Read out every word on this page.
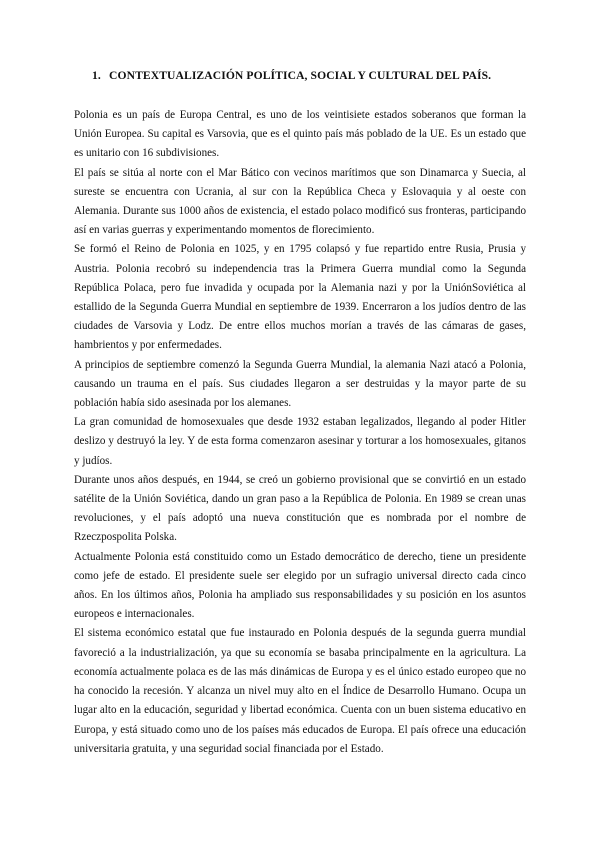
1. CONTEXTUALIZACIÓN POLÍTICA, SOCIAL Y CULTURAL DEL PAÍS.

Polonia es un país de Europa Central, es uno de los veintisiete estados soberanos que forman la Unión Europea. Su capital es Varsovia, que es el quinto país más poblado de la UE. Es un estado que es unitario con 16 subdivisiones.

El país se sitúa al norte con el Mar Bático con vecinos marítimos que son Dinamarca y Suecia, al sureste se encuentra con Ucrania, al sur con la República Checa y Eslovaquia y al oeste con Alemania. Durante sus 1000 años de existencia, el estado polaco modificó sus fronteras, participando así en varias guerras y experimentando momentos de florecimiento.

Se formó el Reino de Polonia en 1025, y en 1795 colapsó y fue repartido entre Rusia, Prusia y Austria. Polonia recobró su independencia tras la Primera Guerra mundial como la Segunda República Polaca, pero fue invadida y ocupada por la Alemania nazi y por la UniónSoviética al estallido de la Segunda Guerra Mundial en septiembre de 1939. Encerraron a los judíos dentro de las ciudades de Varsovia y Lodz. De entre ellos muchos morían a través de las cámaras de gases, hambrientos y por enfermedades.

A principios de septiembre comenzó la Segunda Guerra Mundial, la alemania Nazi atacó a Polonia, causando un trauma en el país. Sus ciudades llegaron a ser destruidas y la mayor parte de su población había sido asesinada por los alemanes.

La gran comunidad de homosexuales que desde 1932 estaban legalizados, llegando al poder Hitler deslizo y destruyó la ley. Y de esta forma comenzaron asesinar y torturar a los homosexuales, gitanos y judíos.

Durante unos años después, en 1944, se creó un gobierno provisional que se convirtió en un estado satélite de la Unión Soviética, dando un gran paso a la República de Polonia. En 1989 se crean unas revoluciones, y el país adoptó una nueva constitución que es nombrada por el nombre de Rzeczpospolita Polska.

Actualmente Polonia está constituido como un Estado democrático de derecho, tiene un presidente como jefe de estado. El presidente suele ser elegido por un sufragio universal directo cada cinco años. En los últimos años, Polonia ha ampliado sus responsabilidades y su posición en los asuntos europeos e internacionales.

El sistema económico estatal que fue instaurado en Polonia después de la segunda guerra mundial favoreció a la industrialización, ya que su economía se basaba principalmente en la agricultura. La economía actualmente polaca es de las más dinámicas de Europa y es el único estado europeo que no ha conocido la recesión. Y alcanza un nivel muy alto en el Índice de Desarrollo Humano. Ocupa un lugar alto en la educación, seguridad y libertad económica. Cuenta con un buen sistema educativo en Europa, y está situado como uno de los países más educados de Europa. El país ofrece una educación universitaria gratuita, y una seguridad social financiada por el Estado.
